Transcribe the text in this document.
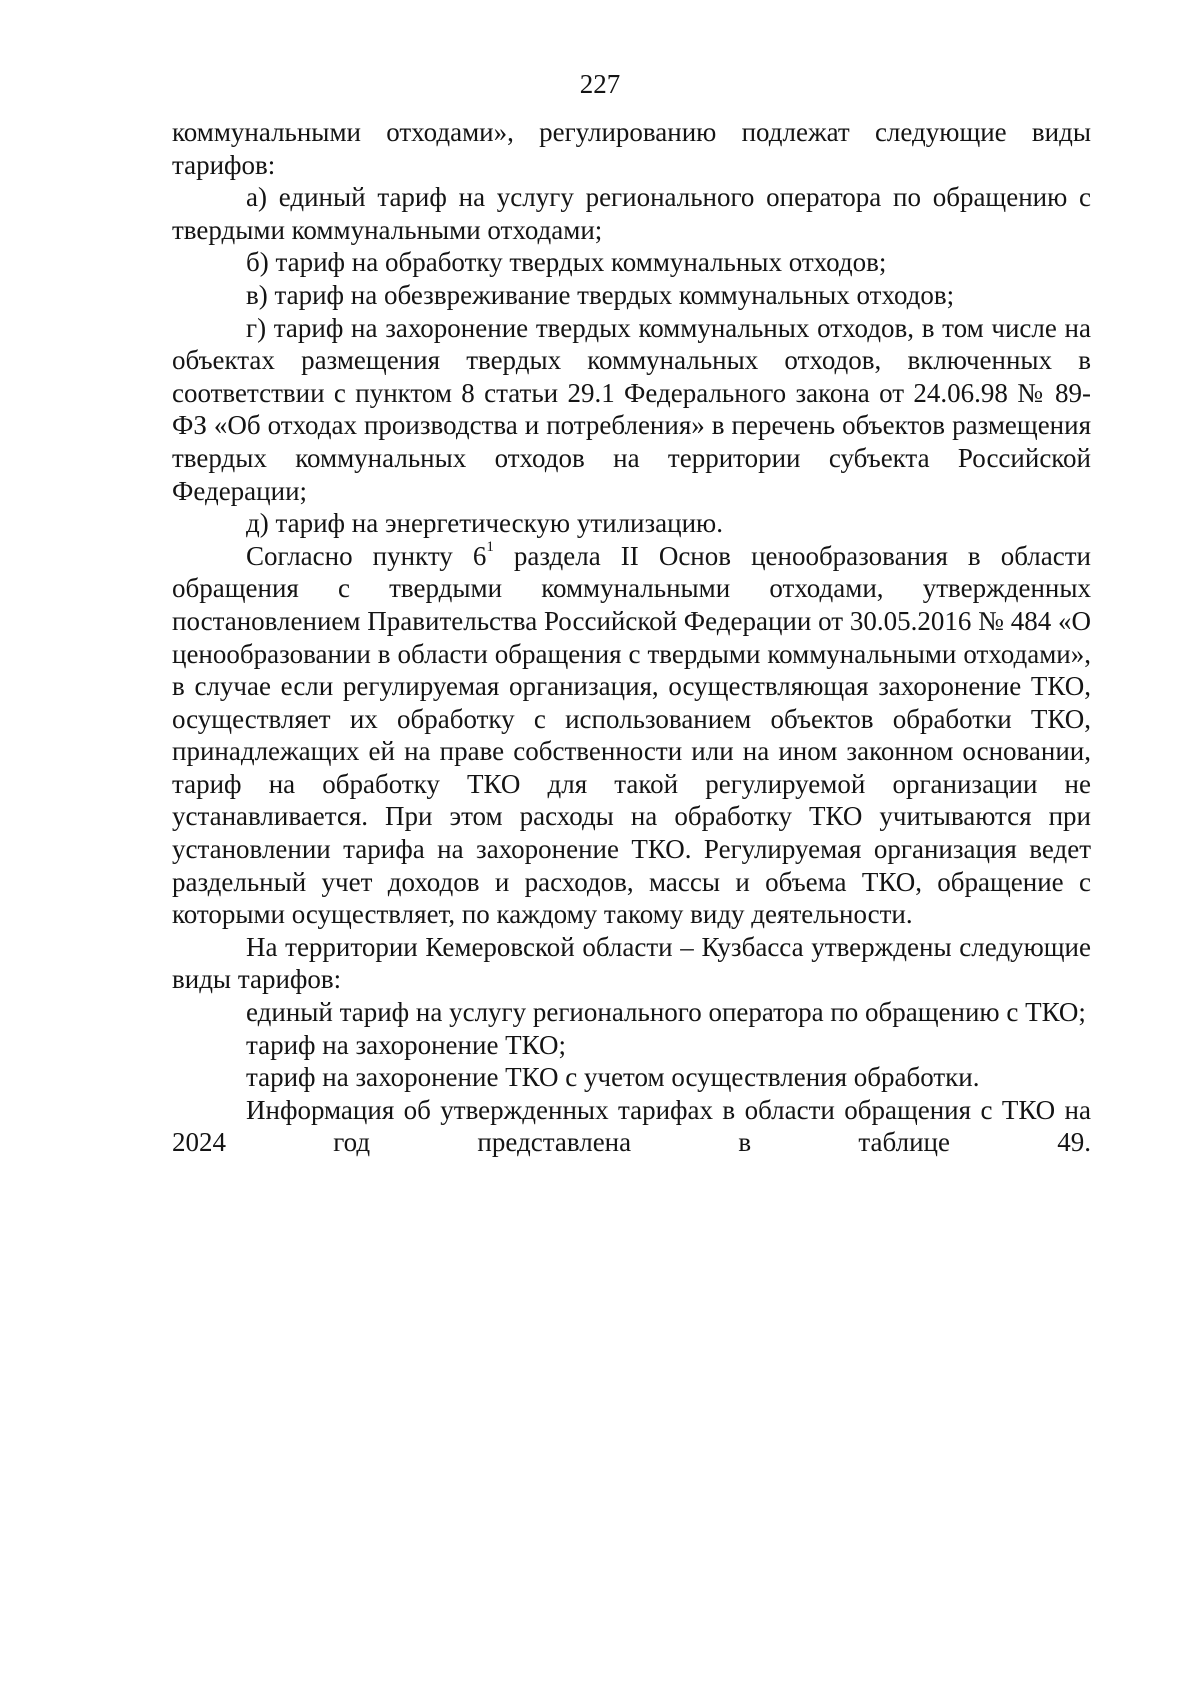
227

коммунальными отходами», регулированию подлежат следующие виды тарифов:

а) единый тариф на услугу регионального оператора по обращению с твердыми коммунальными отходами;

б) тариф на обработку твердых коммунальных отходов;

в) тариф на обезвреживание твердых коммунальных отходов;

г) тариф на захоронение твердых коммунальных отходов, в том числе на объектах размещения твердых коммунальных отходов, включенных в соответствии с пунктом 8 статьи 29.1 Федерального закона от 24.06.98 № 89-ФЗ «Об отходах производства и потребления» в перечень объектов размещения твердых коммунальных отходов на территории субъекта Российской Федерации;

д) тариф на энергетическую утилизацию.

Согласно пункту 6$^1$ раздела II Основ ценообразования в области обращения с твердыми коммунальными отходами, утвержденных постановлением Правительства Российской Федерации от 30.05.2016 № 484 «О ценообразовании в области обращения с твердыми коммунальными отходами», в случае если регулируемая организация, осуществляющая захоронение ТКО, осуществляет их обработку с использованием объектов обработки ТКО, принадлежащих ей на праве собственности или на ином законном основании, тариф на обработку ТКО для такой регулируемой организации не устанавливается. При этом расходы на обработку ТКО учитываются при установлении тарифа на захоронение ТКО. Регулируемая организация ведет раздельный учет доходов и расходов, массы и объема ТКО, обращение с которыми осуществляет, по каждому такому виду деятельности.

На территории Кемеровской области – Кузбасса утверждены следующие виды тарифов:

единый тариф на услугу регионального оператора по обращению с ТКО;

тариф на захоронение ТКО;

тариф на захоронение ТКО с учетом осуществления обработки.

Информация об утвержденных тарифах в области обращения с ТКО на 2024 год представлена в таблице 49.
